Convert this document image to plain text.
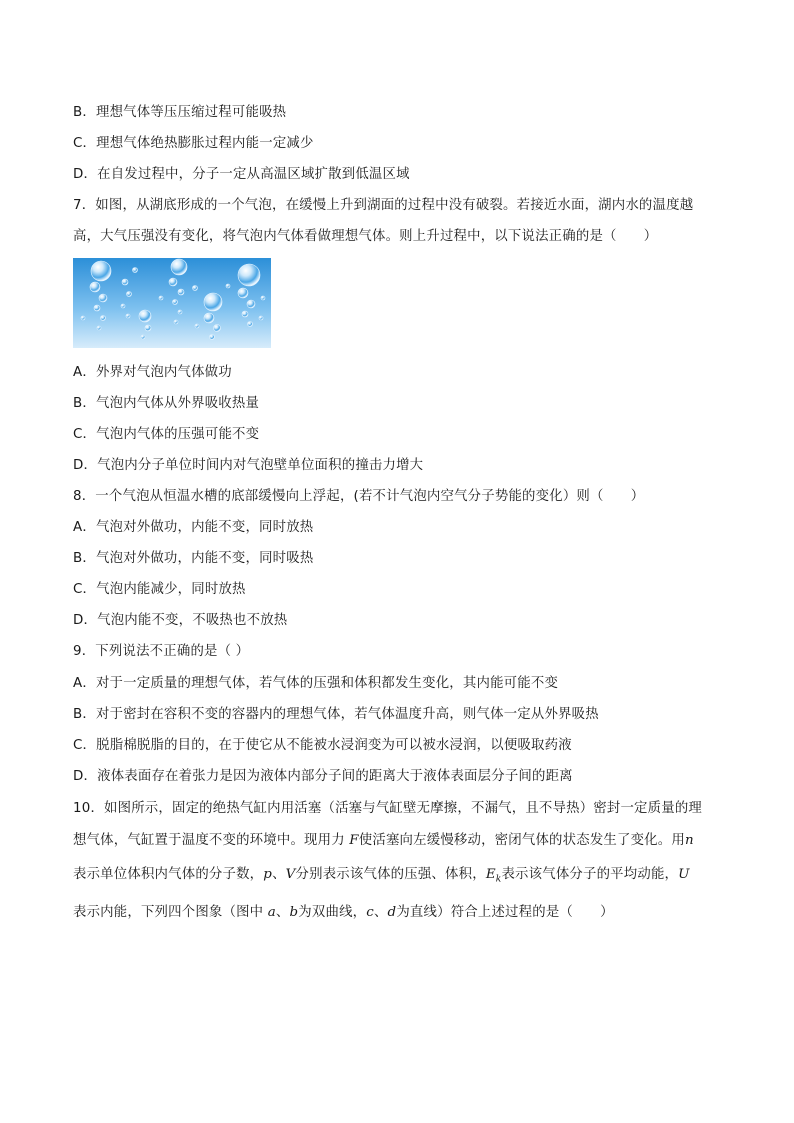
B．理想气体等压压缩过程可能吸热
C．理想气体绝热膨胀过程内能一定减少
D．在自发过程中，分子一定从高温区域扩散到低温区域
7．如图，从湖底形成的一个气泡，在缓慢上升到湖面的过程中没有破裂。若接近水面，湖内水的温度越
高，大气压强没有变化，将气泡内气体看做理想气体。则上升过程中，以下说法正确的是（　　）
A．外界对气泡内气体做功
B．气泡内气体从外界吸收热量
C．气泡内气体的压强可能不变
D．气泡内分子单位时间内对气泡壁单位面积的撞击力增大
8．一个气泡从恒温水槽的底部缓慢向上浮起，(若不计气泡内空气分子势能的变化）则（　　）
A．气泡对外做功，内能不变，同时放热
B．气泡对外做功，内能不变，同时吸热
C．气泡内能减少，同时放热
D．气泡内能不变，不吸热也不放热
9．下列说法不正确的是（ ）
A．对于一定质量的理想气体，若气体的压强和体积都发生变化，其内能可能不变
B．对于密封在容积不变的容器内的理想气体，若气体温度升高，则气体一定从外界吸热
C．脱脂棉脱脂的目的，在于使它从不能被水浸润变为可以被水浸润，以便吸取药液
D．液体表面存在着张力是因为液体内部分子间的距离大于液体表面层分子间的距离
10．如图所示，固定的绝热气缸内用活塞（活塞与气缸壁无摩擦，不漏气，且不导热）密封一定质量的理
想气体，气缸置于温度不变的环境中。现用力 F使活塞向左缓慢移动，密闭气体的状态发生了变化。用n
表示单位体积内气体的分子数，p、V分别表示该气体的压强、体积，$E_k$表示该气体分子的平均动能，U
表示内能，下列四个图象（图中 a、b为双曲线，c、d为直线）符合上述过程的是（　　）
